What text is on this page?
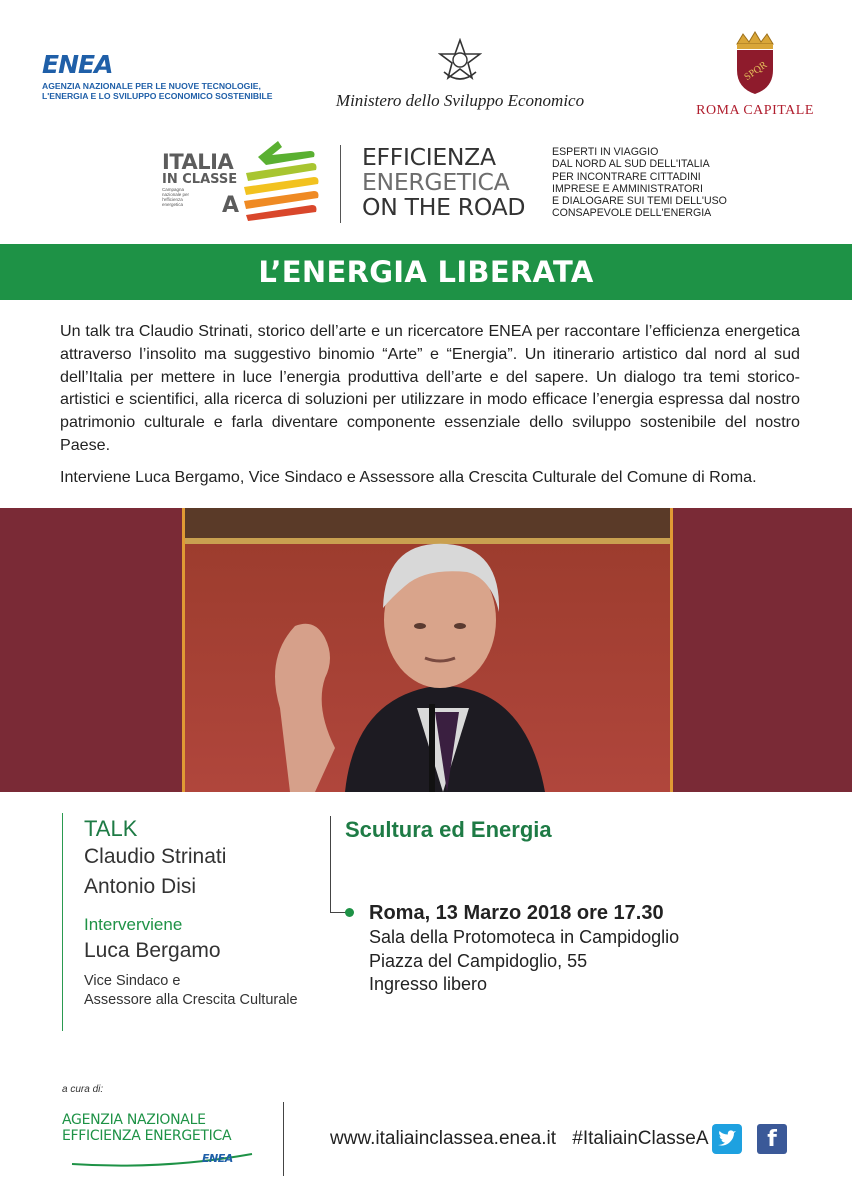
ENEA
AGENZIA NAZIONALE PER LE NUOVE TECNOLOGIE,
L'ENERGIA E LO SVILUPPO ECONOMICO SOSTENIBILE	Ministero dello Sviluppo Economico
SPQR
ROMA CAPITALE
ITALIA
IN CLASSE
Campagna nazionale per l'efficienza energetica	A
EFFICIENZA
ENERGETICA
ON THE ROAD
ESPERTI IN VIAGGIO
DAL NORD AL SUD DELL'ITALIA
PER INCONTRARE CITTADINI
IMPRESE E AMMINISTRATORI
E DIALOGARE SUI TEMI DELL'USO
CONSAPEVOLE DELL'ENERGIA
L’ENERGIA LIBERATA

Un talk tra Claudio Strinati, storico dell’arte e un ricercatore ENEA per raccontare l’efficienza energetica attraverso l’insolito ma suggestivo binomio “Arte” e “Energia”. Un itinerario artistico dal nord al sud dell’Italia per mettere in luce l’energia produttiva dell’arte e del sapere. Un dialogo tra temi storico-artistici e scientifici, alla ricerca di soluzioni per utilizzare in modo efficace l’energia espressa dal nostro patrimonio culturale e farla diventare componente essenziale dello sviluppo sostenibile del nostro Paese.

Interviene Luca Bergamo, Vice Sindaco e Assessore alla Crescita Culturale del Comune di Roma.

TALK
Claudio Strinati
Antonio Disi
Interverviene
Luca Bergamo
Vice Sindaco e
Assessore alla Crescita Culturale
Scultura ed Energia
Roma, 13 Marzo 2018 ore 17.30
Sala della Protomoteca in Campidoglio
Piazza del Campidoglio, 55
Ingresso libero
a cura di:
AGENZIA NAZIONALE
EFFICIENZA ENERGETICA
ENEA
www.italiainclassea.enea.it #ItaliainClasseA	f
